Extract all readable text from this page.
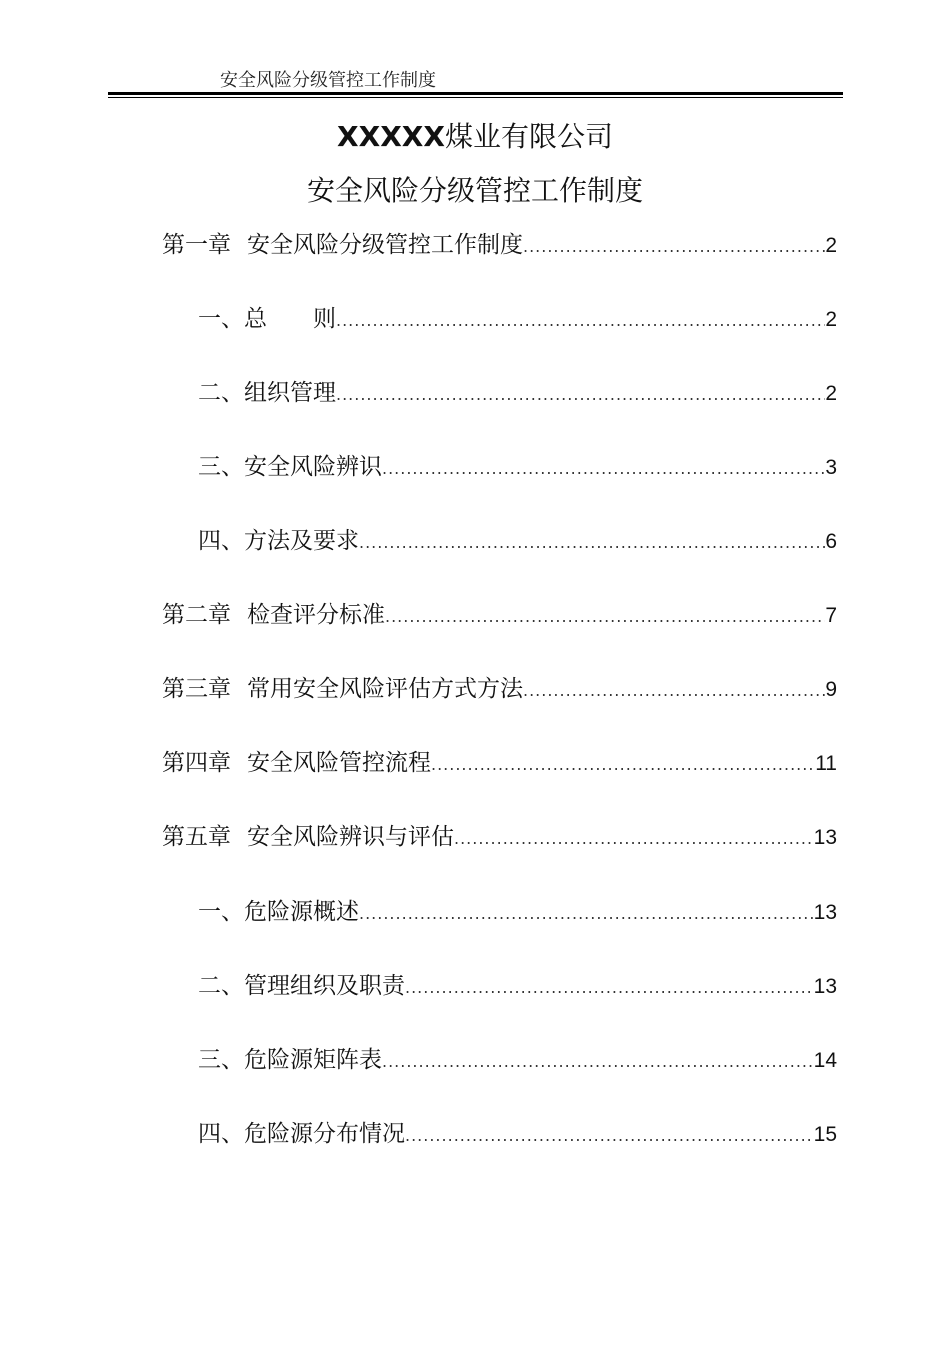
安全风险分级管控工作制度
XXXXX煤业有限公司
安全风险分级管控工作制度
第一章 安全风险分级管控工作制度 .....	2
一、总　　则 .....	2
二、组织管理 .....	2
三、安全风险辨识 .....	3
四、方法及要求 .....	6
第二章 检查评分标准 .....	7
第三章 常用安全风险评估方式方法 .....	9
第四章 安全风险管控流程 .....	11
第五章 安全风险辨识与评估 .....	13
一、危险源概述 .....	13
二、管理组织及职责 .....	13
三、危险源矩阵表 .....	14
四、危险源分布情况 .....	15
